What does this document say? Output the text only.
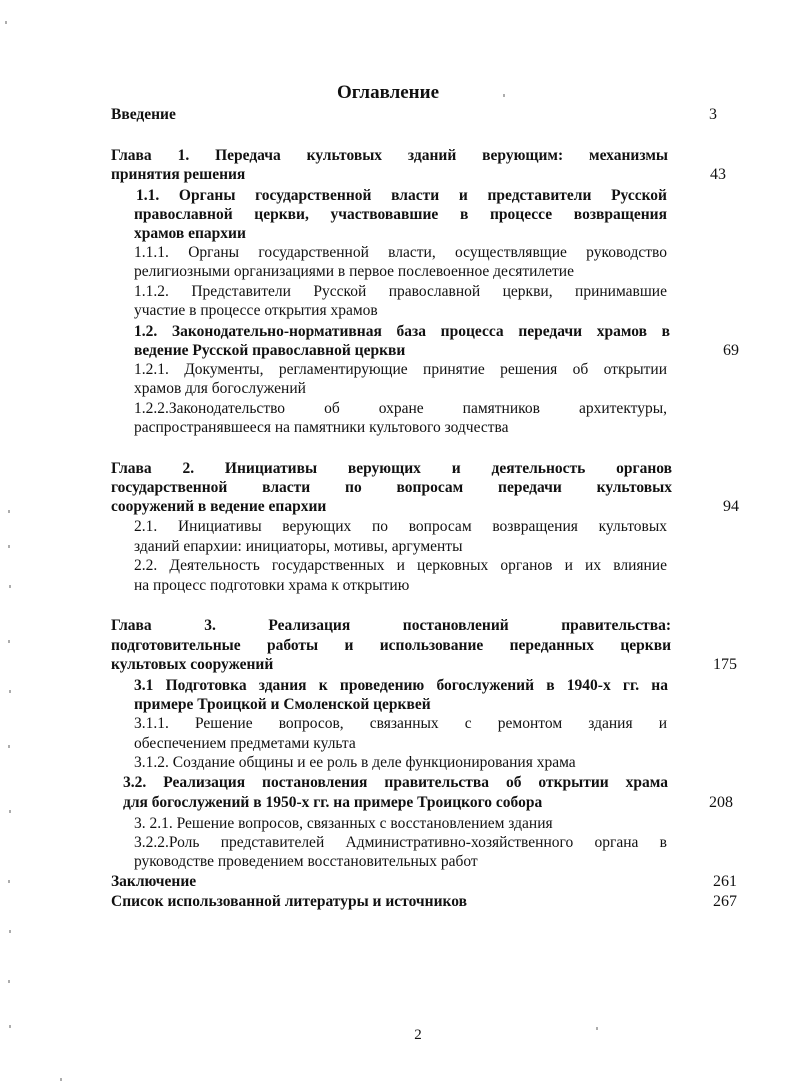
Оглавление
Введение	3
Глава 1. Передача культовых зданий верующим: механизмы
принятия решения	43
1.1. Органы государственной власти и представители Русской
православной церкви, участвовавшие в процессе возвращения
храмов епархии
1.1.1. Органы государственной власти, осуществлявщие руководство
религиозными организациями в первое послевоенное десятилетие
1.1.2. Представители Русской православной церкви, принимавшие
участие в процессе открытия храмов
1.2. Законодательно-нормативная база процесса передачи храмов в
ведение Русской православной церкви	69
1.2.1. Документы, регламентирующие принятие решения об открытии
храмов для богослужений
1.2.2.Законодательство об охране памятников архитектуры,
распространявшееся на памятники культового зодчества
Глава 2. Инициативы верующих и деятельность органов
государственной власти по вопросам передачи культовых
сооружений в ведение епархии	94
2.1. Инициативы верующих по вопросам возвращения культовых
зданий епархии: инициаторы, мотивы, аргументы
2.2. Деятельность государственных и церковных органов и их влияние
на процесс подготовки храма к открытию
Глава 3. Реализация постановлений правительства:
подготовительные работы и использование переданных церкви
культовых сооружений	175
3.1 Подготовка здания к проведению богослужений в 1940-х гг. на
примере Троицкой и Смоленской церквей
3.1.1. Решение вопросов, связанных с ремонтом здания и
обеспечением предметами культа
3.1.2. Создание общины и ее роль в деле функционирования храма
3.2. Реализация постановления правительства об открытии храма
для богослужений в 1950-х гг. на примере Троицкого собора	208
3. 2.1. Решение вопросов, связанных с восстановлением здания
3.2.2.Роль представителей Административно-хозяйственного органа в
руководстве проведением восстановительных работ
Заключение	261
Список использованной литературы и источников	267
2
